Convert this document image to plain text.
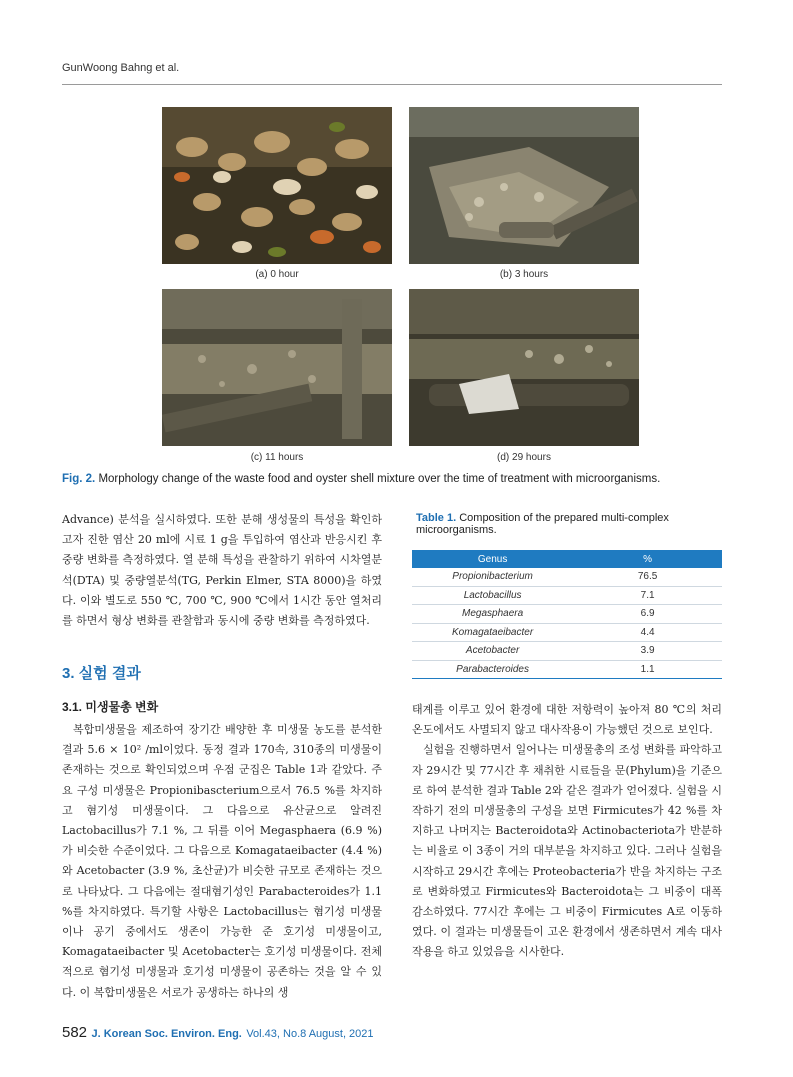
GunWoong Bahng et al.
(a) 0 hour	(b) 3 hours
(c) 11 hours	(d) 29 hours
Fig. 2. Morphology change of the waste food and oyster shell mixture over the time of treatment with microorganisms.

Advance) 분석을 실시하였다. 또한 분해 생성물의 특성을 확인하고자 진한 염산 20 ml에 시료 1 g을 투입하여 염산과 반응시킨 후 중량 변화를 측정하였다. 열 분해 특성을 관찰하기 위하여 시차열분석(DTA) 및 중량열분석(TG, Perkin Elmer, STA 8000)을 하였다. 이와 별도로 550 ℃, 700 ℃, 900 ℃에서 1시간 동안 열처리를 하면서 형상 변화를 관찰함과 동시에 중량 변화를 측정하였다.

3. 실험 결과
3.1. 미생물총 변화

복합미생물을 제조하여 장기간 배양한 후 미생물 농도를 분석한 결과 5.6 × 10² /ml이었다. 동정 결과 170속, 310종의 미생물이 존재하는 것으로 확인되었으며 우점 군집은 Table 1과 같았다. 주요 구성 미생물은 Propionibascterium으로서 76.5 %를 차지하고 혐기성 미생물이다. 그 다음으로 유산균으로 알려진 Lactobacillus가 7.1 %, 그 뒤를 이어 Megasphaera (6.9 %)가 비슷한 수준이었다. 그 다음으로 Komagataeibacter (4.4 %)와 Acetobacter (3.9 %, 초산균)가 비슷한 규모로 존재하는 것으로 나타났다. 그 다음에는 절대혐기성인 Parabacteroides가 1.1 %를 차지하였다. 특기할 사항은 Lactobacillus는 혐기성 미생물이나 공기 중에서도 생존이 가능한 준 호기성 미생물이고, Komagataeibacter 및 Acetobacter는 호기성 미생물이다. 전체적으로 혐기성 미생물과 호기성 미생물이 공존하는 것을 알 수 있다. 이 복합미생물은 서로가 공생하는 하나의 생

Table 1. Composition of the prepared multi-complex microorganisms.
Genus	%
Propionibacterium	76.5
Lactobacillus	7.1
Megasphaera	6.9
Komagataeibacter	4.4
Acetobacter	3.9
Parabacteroides	1.1

태계를 이루고 있어 환경에 대한 저항력이 높아져 80 ℃의 처리 온도에서도 사멸되지 않고 대사작용이 가능했던 것으로 보인다.

실험을 진행하면서 일어나는 미생물총의 조성 변화를 파악하고자 29시간 및 77시간 후 채취한 시료들을 문(Phylum)을 기준으로 하여 분석한 결과 Table 2와 같은 결과가 얻어졌다. 실험을 시작하기 전의 미생물총의 구성을 보면 Firmicutes가 42 %를 차지하고 나머지는 Bacteroidota와 Actinobacteriota가 반분하는 비율로 이 3종이 거의 대부분을 차지하고 있다. 그러나 실험을 시작하고 29시간 후에는 Proteobacteria가 반을 차지하는 구조로 변화하였고 Firmicutes와 Bacteroidota는 그 비중이 대폭 감소하였다. 77시간 후에는 그 비중이 Firmicutes A로 이동하였다. 이 결과는 미생물들이 고온 환경에서 생존하면서 계속 대사작용을 하고 있었음을 시사한다.

582 J. Korean Soc. Environ. Eng. Vol.43, No.8 August, 2021
